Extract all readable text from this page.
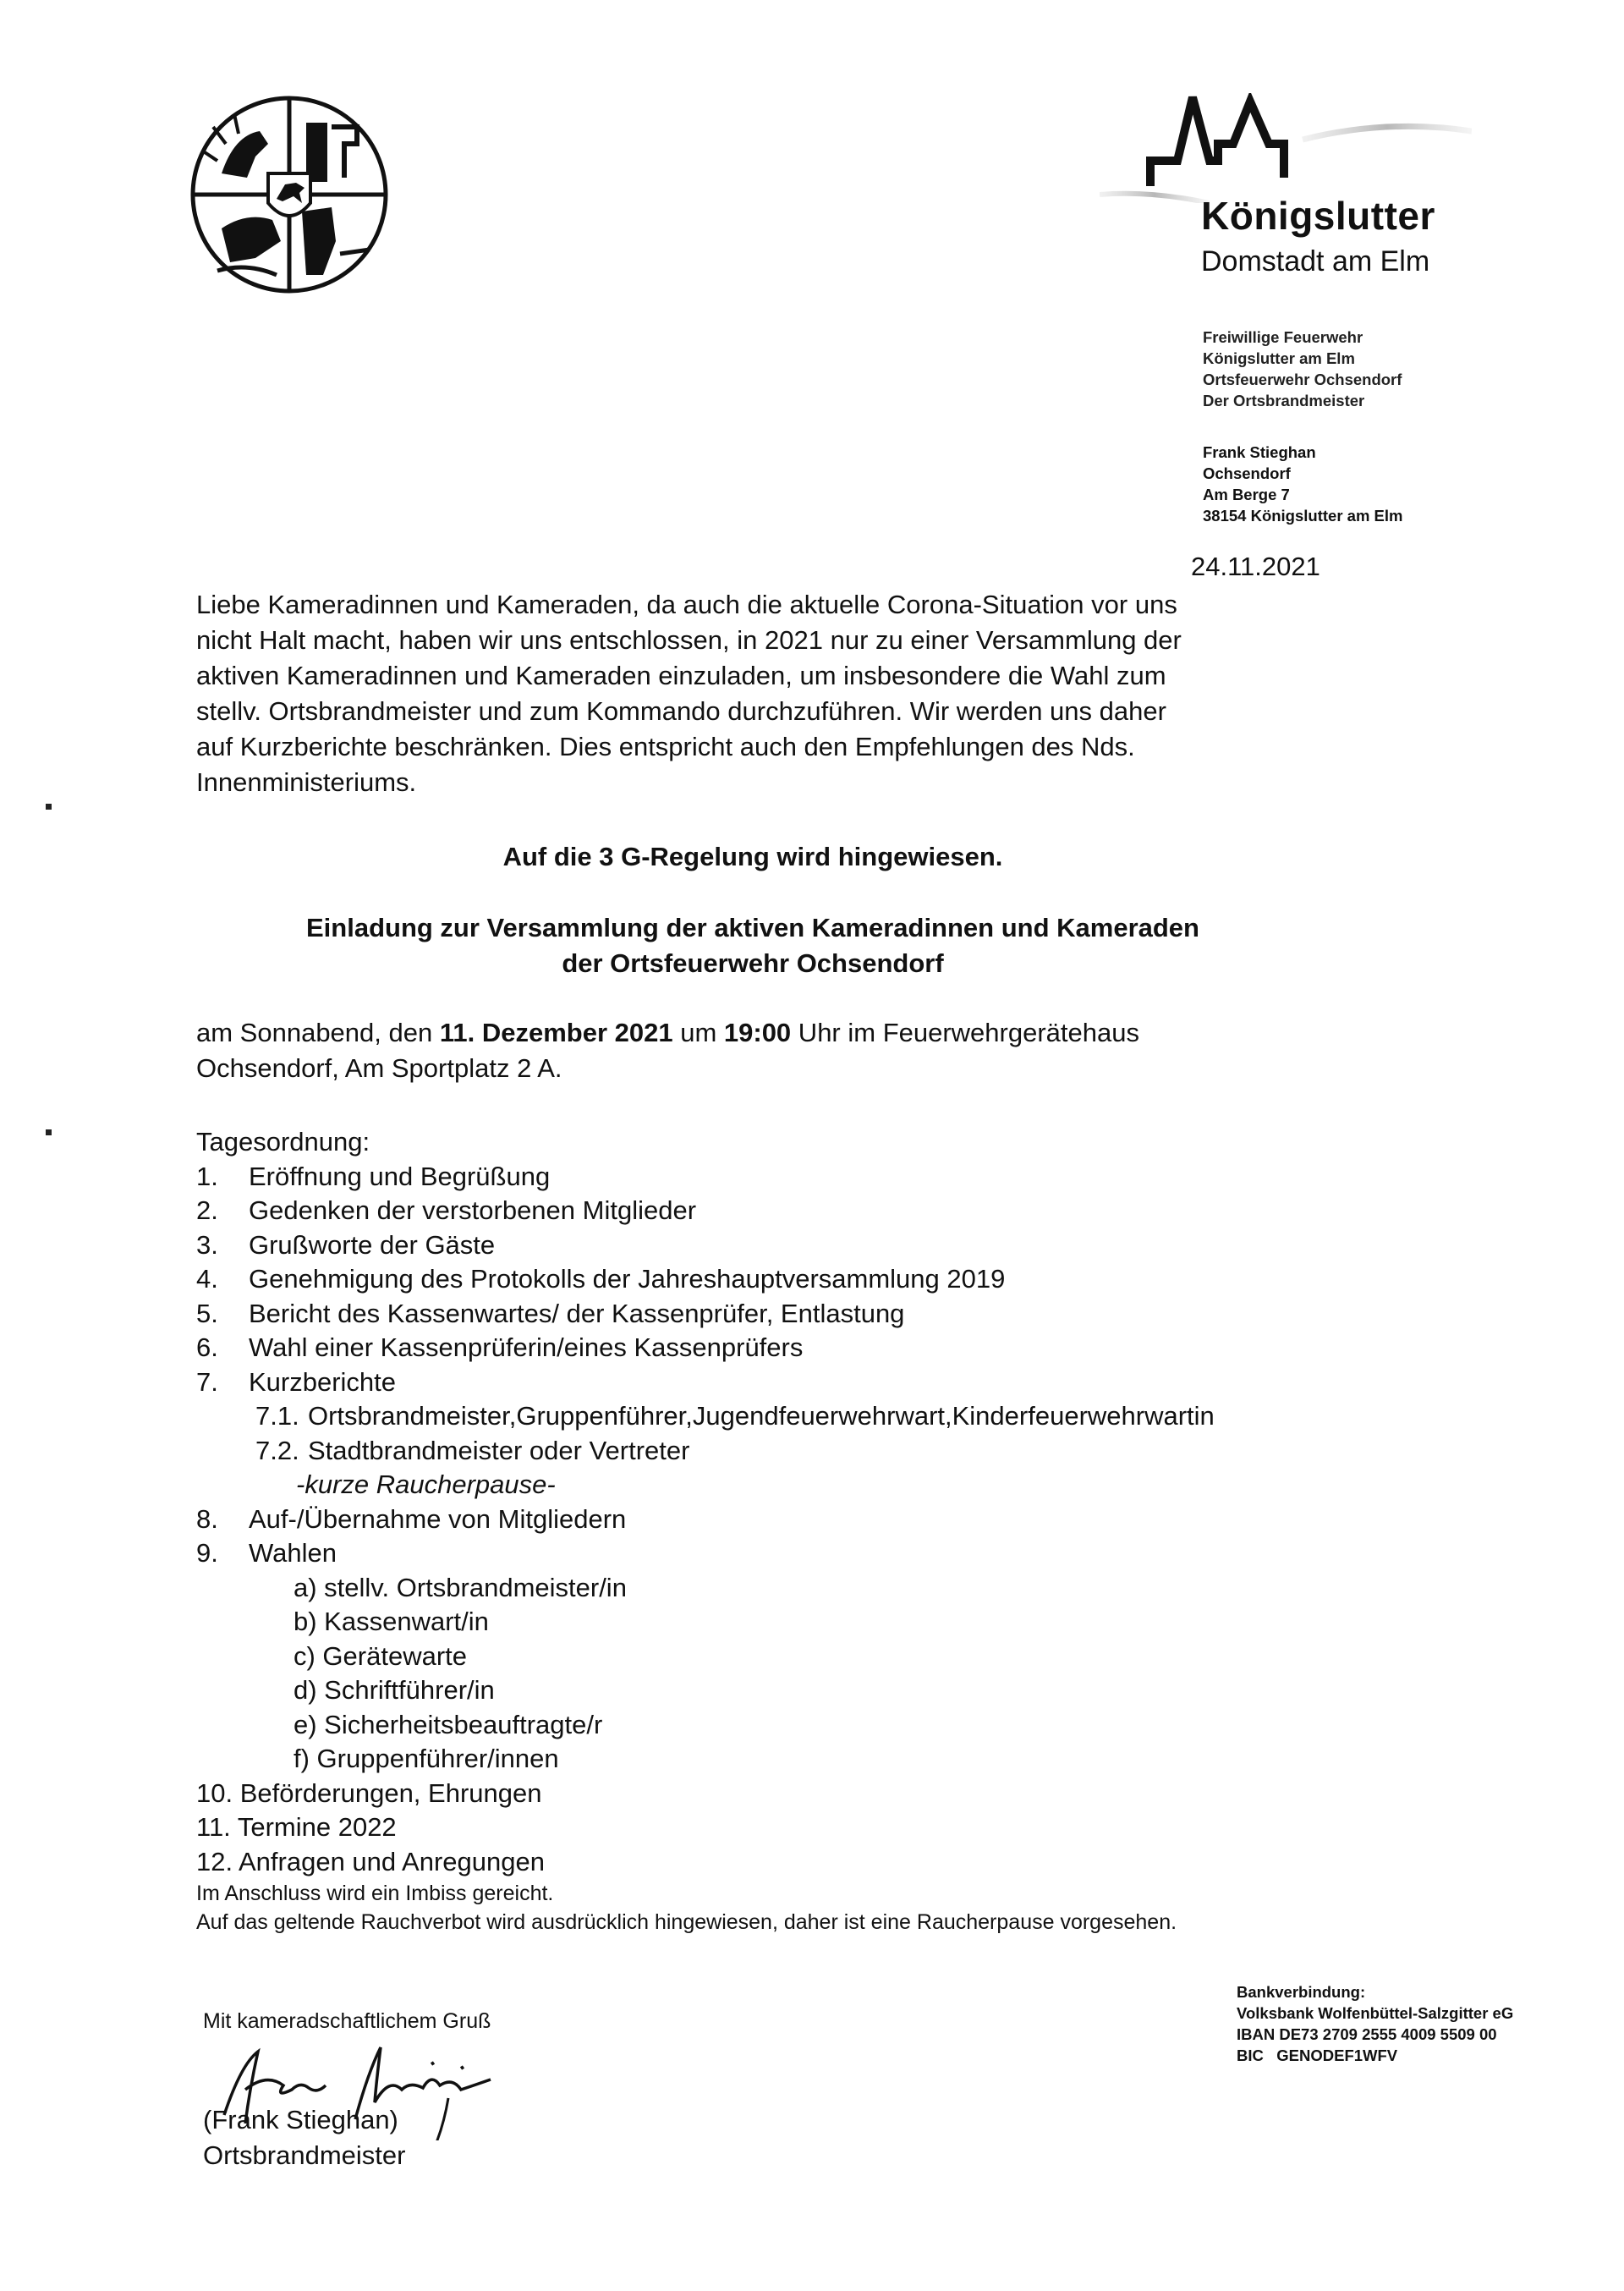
Königslutter
Domstadt am Elm
Freiwillige Feuerwehr
Königslutter am Elm
Ortsfeuerwehr Ochsendorf
Der Ortsbrandmeister
Frank Stieghan
Ochsendorf
Am Berge 7
38154 Königslutter am Elm
24.11.2021
Liebe Kameradinnen und Kameraden, da auch die aktuelle Corona-Situation vor uns
nicht Halt macht, haben wir uns entschlossen, in 2021 nur zu einer Versammlung der
aktiven Kameradinnen und Kameraden einzuladen, um insbesondere die Wahl zum
stellv. Ortsbrandmeister und zum Kommando durchzuführen. Wir werden uns daher
auf Kurzberichte beschränken. Dies entspricht auch den Empfehlungen des Nds.
Innenministeriums.
Auf die 3 G-Regelung wird hingewiesen.
Einladung zur Versammlung der aktiven Kameradinnen und Kameraden
der Ortsfeuerwehr Ochsendorf
am Sonnabend, den 11. Dezember 2021 um 19:00 Uhr im Feuerwehrgerätehaus
Ochsendorf, Am Sportplatz 2 A.
Tagesordnung:
1. Eröffnung und Begrüßung
2. Gedenken der verstorbenen Mitglieder
3. Grußworte der Gäste
4. Genehmigung des Protokolls der Jahreshauptversammlung 2019
5. Bericht des Kassenwartes/ der Kassenprüfer, Entlastung
6. Wahl einer Kassenprüferin/eines Kassenprüfers
7. Kurzberichte
7.1. Ortsbrandmeister,Gruppenführer,Jugendfeuerwehrwart,Kinderfeuerwehrwartin
7.2. Stadtbrandmeister oder Vertreter
-kurze Raucherpause-
8. Auf-/Übernahme von Mitgliedern
9. Wahlen
a) stellv. Ortsbrandmeister/in
b) Kassenwart/in
c) Gerätewarte
d) Schriftführer/in
e) Sicherheitsbeauftragte/r
f) Gruppenführer/innen
10. Beförderungen, Ehrungen
11. Termine 2022
12. Anfragen und Anregungen
Im Anschluss wird ein Imbiss gereicht.
Auf das geltende Rauchverbot wird ausdrücklich hingewiesen, daher ist eine Raucherpause vorgesehen.
Mit kameradschaftlichem Gruß
(Frank Stieghan)
Ortsbrandmeister
Bankverbindung:
Volksbank Wolfenbüttel-Salzgitter eG
IBAN DE73 2709 2555 4009 5509 00
BIC   GENODEF1WFV
